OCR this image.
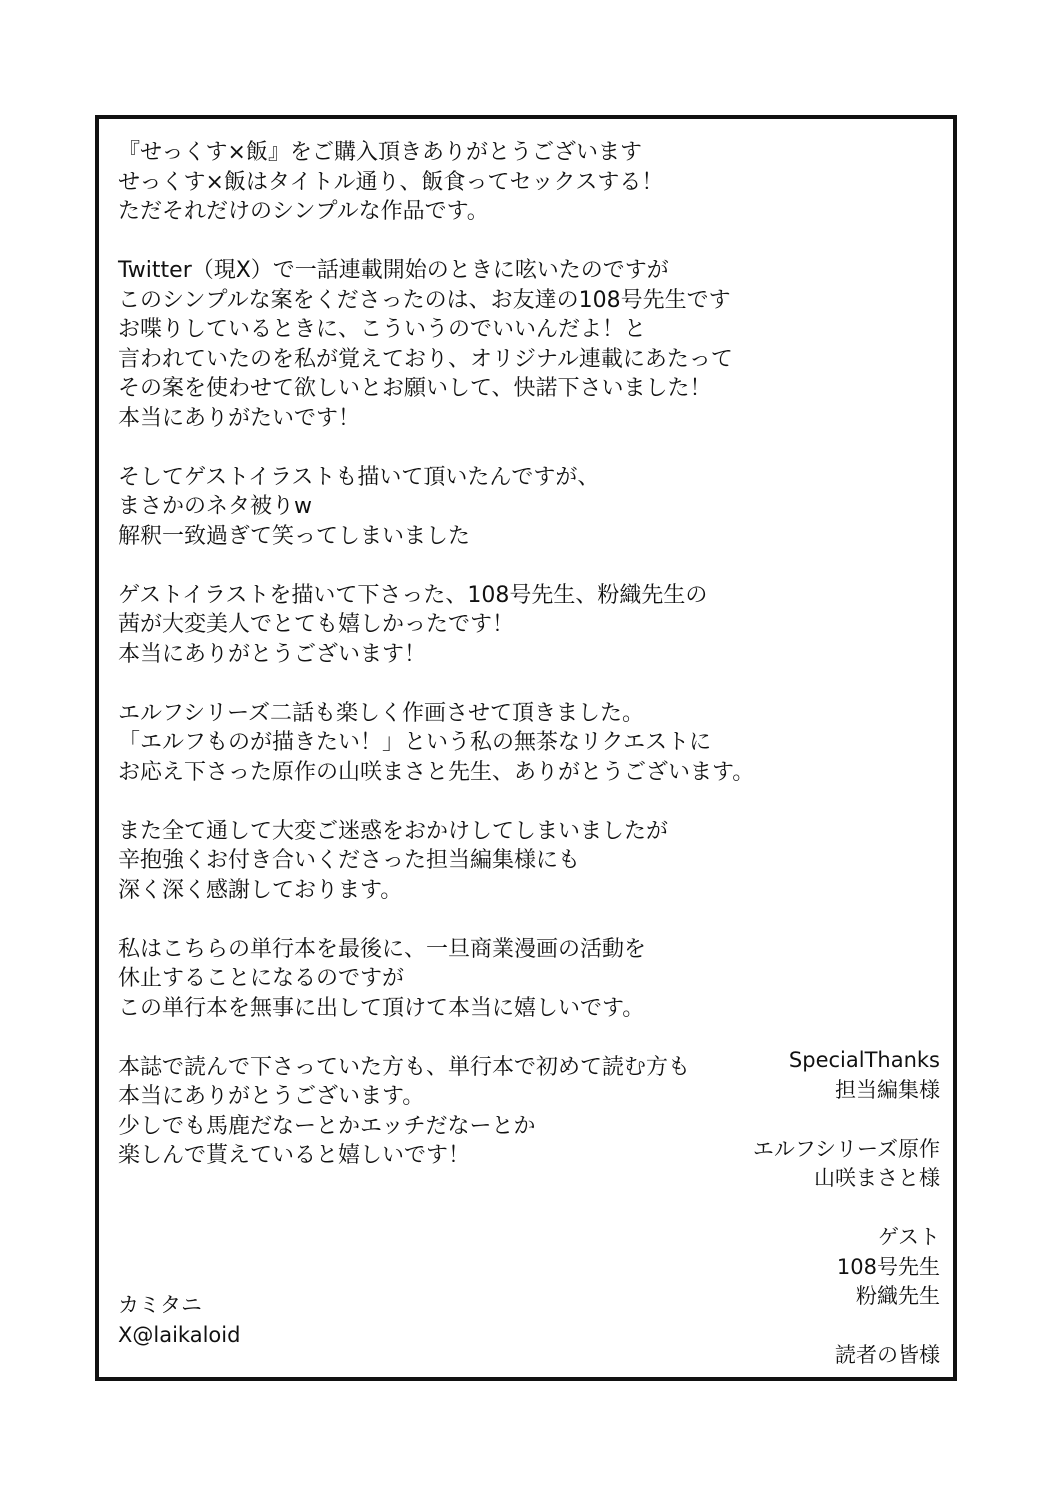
『せっくす×飯』をご購入頂きありがとうございます
せっくす×飯はタイトル通り、飯食ってセックスする！
ただそれだけのシンプルな作品です。
Twitter（現X）で一話連載開始のときに呟いたのですが
このシンプルな案をくださったのは、お友達の108号先生です
お喋りしているときに、こういうのでいいんだよ！と
言われていたのを私が覚えており、オリジナル連載にあたって
その案を使わせて欲しいとお願いして、快諾下さいました！
本当にありがたいです！
そしてゲストイラストも描いて頂いたんですが、
まさかのネタ被りw
解釈一致過ぎて笑ってしまいました
ゲストイラストを描いて下さった、108号先生、粉織先生の
茜が大変美人でとても嬉しかったです！
本当にありがとうございます！
エルフシリーズ二話も楽しく作画させて頂きました。
「エルフものが描きたい！」という私の無茶なリクエストに
お応え下さった原作の山咲まさと先生、ありがとうございます。
また全て通して大変ご迷惑をおかけしてしまいましたが
辛抱強くお付き合いくださった担当編集様にも
深く深く感謝しております。
私はこちらの単行本を最後に、一旦商業漫画の活動を
休止することになるのですが
この単行本を無事に出して頂けて本当に嬉しいです。
本誌で読んで下さっていた方も、単行本で初めて読む方も
本当にありがとうございます。
少しでも馬鹿だなーとかエッチだなーとか
楽しんで貰えていると嬉しいです！
SpecialThanks
担当編集様
エルフシリーズ原作
山咲まさと様
ゲスト
108号先生
粉織先生
読者の皆様
カミタニ
X@laikaloid
